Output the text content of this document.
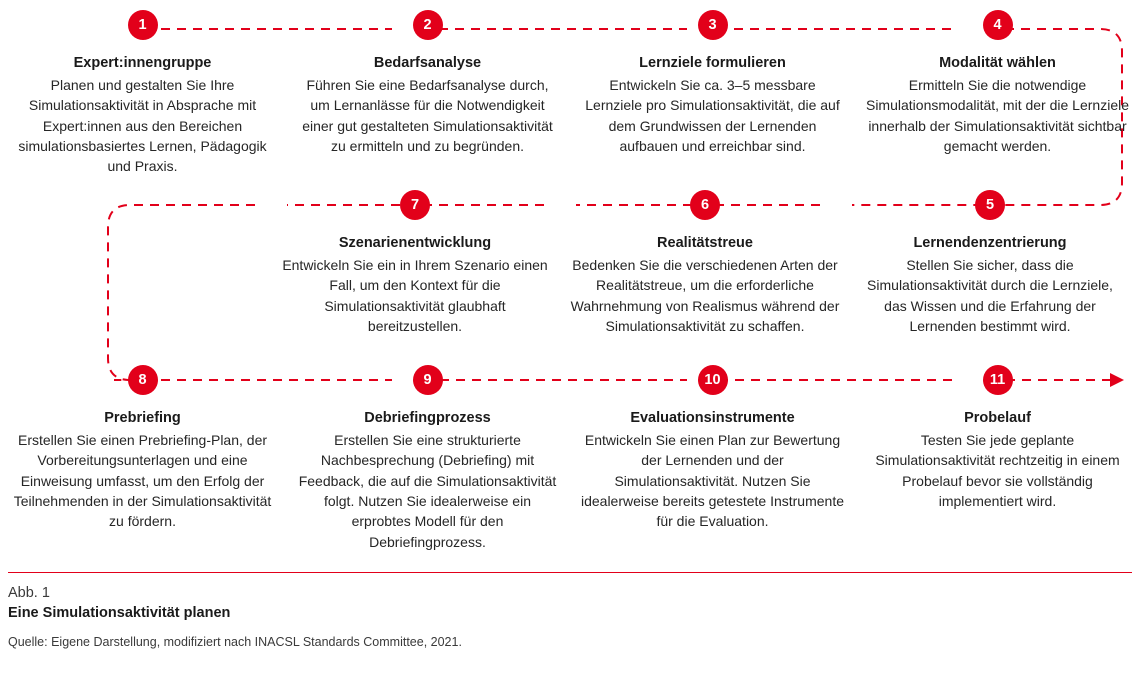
1
Expert:innengruppe
Planen und gestalten Sie Ihre Simulationsaktivität in Absprache mit Expert:innen aus den Bereichen simulationsbasiertes Lernen, Pädagogik und Praxis.
2
Bedarfsanalyse
Führen Sie eine Bedarfsanalyse durch, um Lernanlässe für die Notwendigkeit einer gut gestalteten Simulationsaktivität zu ermitteln und zu begründen.
3
Lernziele formulieren
Entwickeln Sie ca. 3–5 messbare Lernziele pro Simulationsaktivität, die auf dem Grundwissen der Lernenden aufbauen und erreichbar sind.
4
Modalität wählen
Ermitteln Sie die notwendige Simulationsmodalität, mit der die Lernziele innerhalb der Simulationsaktivität sichtbar gemacht werden.
7
Szenarienentwicklung
Entwickeln Sie ein in Ihrem Szenario einen Fall, um den Kontext für die Simulationsaktivität glaubhaft bereitzustellen.
6
Realitätstreue
Bedenken Sie die verschiedenen Arten der Realitätstreue, um die erforderliche Wahrnehmung von Realismus während der Simulationsaktivität zu schaffen.
5
Lernendenzentrierung
Stellen Sie sicher, dass die Simulationsaktivität durch die Lernziele, das Wissen und die Erfahrung der Lernenden bestimmt wird.
8
Prebriefing
Erstellen Sie einen Prebriefing-Plan, der Vorbereitungsunterlagen und eine Einweisung umfasst, um den Erfolg der Teilnehmenden in der Simulationsaktivität zu fördern.
9
Debriefingprozess
Erstellen Sie eine strukturierte Nachbesprechung (Debriefing) mit Feedback, die auf die Simulationsaktivität folgt. Nutzen Sie idealerweise ein erprobtes Modell für den Debriefingprozess.
10
Evaluationsinstrumente
Entwickeln Sie einen Plan zur Bewertung der Lernenden und der Simulationsaktivität. Nutzen Sie idealerweise bereits getestete Instrumente für die Evaluation.
11
Probelauf
Testen Sie jede geplante Simulationsaktivität rechtzeitig in einem Probelauf bevor sie vollständig implementiert wird.
Abb. 1
Eine Simulationsaktivität planen
Quelle: Eigene Darstellung, modifiziert nach INACSL Standards Committee, 2021.
